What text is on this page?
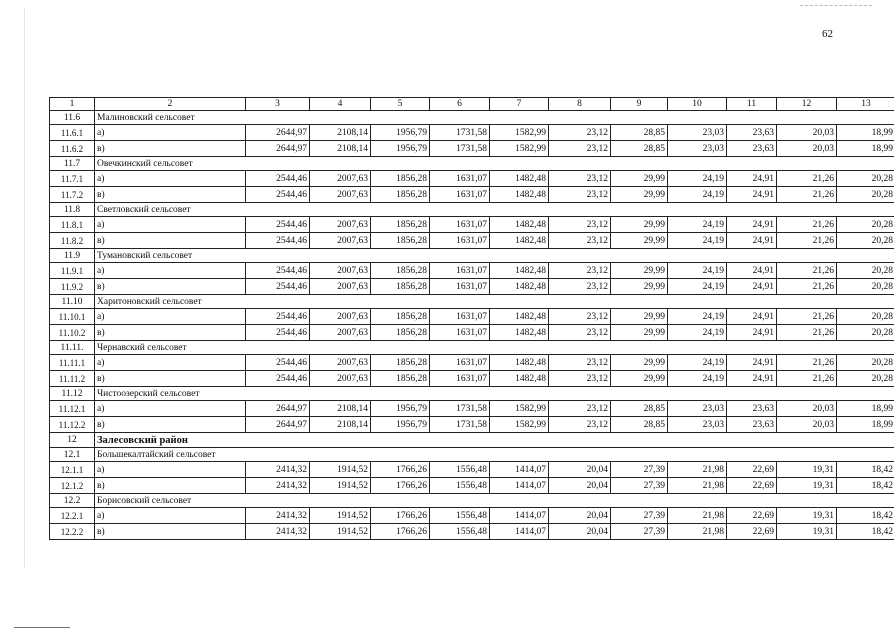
62
1	2	3	4	5	6	7	8	9	10	11	12	13
11.6	Малиновский сельсовет											
11.6.1	а)	2644,97	2108,14	1956,79	1731,58	1582,99	23,12	28,85	23,03	23,63	20,03	18,99
11.6.2	в)	2644,97	2108,14	1956,79	1731,58	1582,99	23,12	28,85	23,03	23,63	20,03	18,99
11.7	Овечкинский сельсовет											
11.7.1	а)	2544,46	2007,63	1856,28	1631,07	1482,48	23,12	29,99	24,19	24,91	21,26	20,28
11.7.2	в)	2544,46	2007,63	1856,28	1631,07	1482,48	23,12	29,99	24,19	24,91	21,26	20,28
11.8	Светловский сельсовет											
11.8.1	а)	2544,46	2007,63	1856,28	1631,07	1482,48	23,12	29,99	24,19	24,91	21,26	20,28
11.8.2	в)	2544,46	2007,63	1856,28	1631,07	1482,48	23,12	29,99	24,19	24,91	21,26	20,28
11.9	Тумановский сельсовет											
11.9.1	а)	2544,46	2007,63	1856,28	1631,07	1482,48	23,12	29,99	24,19	24,91	21,26	20,28
11.9.2	в)	2544,46	2007,63	1856,28	1631,07	1482,48	23,12	29,99	24,19	24,91	21,26	20,28
11.10	Харитоновский сельсовет											
11.10.1	а)	2544,46	2007,63	1856,28	1631,07	1482,48	23,12	29,99	24,19	24,91	21,26	20,28
11.10.2	в)	2544,46	2007,63	1856,28	1631,07	1482,48	23,12	29,99	24,19	24,91	21,26	20,28
11.11.	Чернавский сельсовет											
11.11.1	а)	2544,46	2007,63	1856,28	1631,07	1482,48	23,12	29,99	24,19	24,91	21,26	20,28
11.11.2	в)	2544,46	2007,63	1856,28	1631,07	1482,48	23,12	29,99	24,19	24,91	21,26	20,28
11.12	Чистоозерский сельсовет											
11.12.1	а)	2644,97	2108,14	1956,79	1731,58	1582,99	23,12	28,85	23,03	23,63	20,03	18,99
11.12.2	в)	2644,97	2108,14	1956,79	1731,58	1582,99	23,12	28,85	23,03	23,63	20,03	18,99
12	Залесовский район											
12.1	Большекалтайский сельсовет											
12.1.1	а)	2414,32	1914,52	1766,26	1556,48	1414,07	20,04	27,39	21,98	22,69	19,31	18,42
12.1.2	в)	2414,32	1914,52	1766,26	1556,48	1414,07	20,04	27,39	21,98	22,69	19,31	18,42
12.2	Борисовский сельсовет											
12.2.1	а)	2414,32	1914,52	1766,26	1556,48	1414,07	20,04	27,39	21,98	22,69	19,31	18,42
12.2.2	в)	2414,32	1914,52	1766,26	1556,48	1414,07	20,04	27,39	21,98	22,69	19,31	18,42
